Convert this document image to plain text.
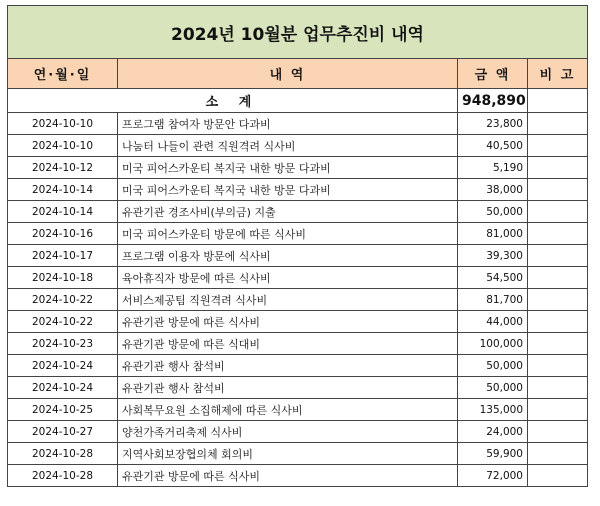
2024년 10월분 업무추진비 내역			
연·월·일	내 역	금 액	비 고
소 계		948,890	
2024-10-10	프로그램 참여자 방문안 다과비	23,800	
2024-10-10	나눔터 나들이 관련 직원격려 식사비	40,500	
2024-10-12	미국 피어스카운티 복지국 내한 방문 다과비	5,190	
2024-10-14	미국 피어스카운티 복지국 내한 방문 다과비	38,000	
2024-10-14	유관기관 경조사비(부의금) 지출	50,000	
2024-10-16	미국 피어스카운티 방문에 따른 식사비	81,000	
2024-10-17	프로그램 이용자 방문에 식사비	39,300	
2024-10-18	육아휴직자 방문에 따른 식사비	54,500	
2024-10-22	서비스제공팀 직원격려 식사비	81,700	
2024-10-22	유관기관 방문에 따른 식사비	44,000	
2024-10-23	유관기관 방문에 따른 식대비	100,000	
2024-10-24	유관기관 행사 참석비	50,000	
2024-10-24	유관기관 행사 참석비	50,000	
2024-10-25	사회복무요원 소집해제에 따른 식사비	135,000	
2024-10-27	양천가족거리축제 식사비	24,000	
2024-10-28	지역사회보장협의체 회의비	59,900	
2024-10-28	유관기관 방문에 따른 식사비	72,000	
